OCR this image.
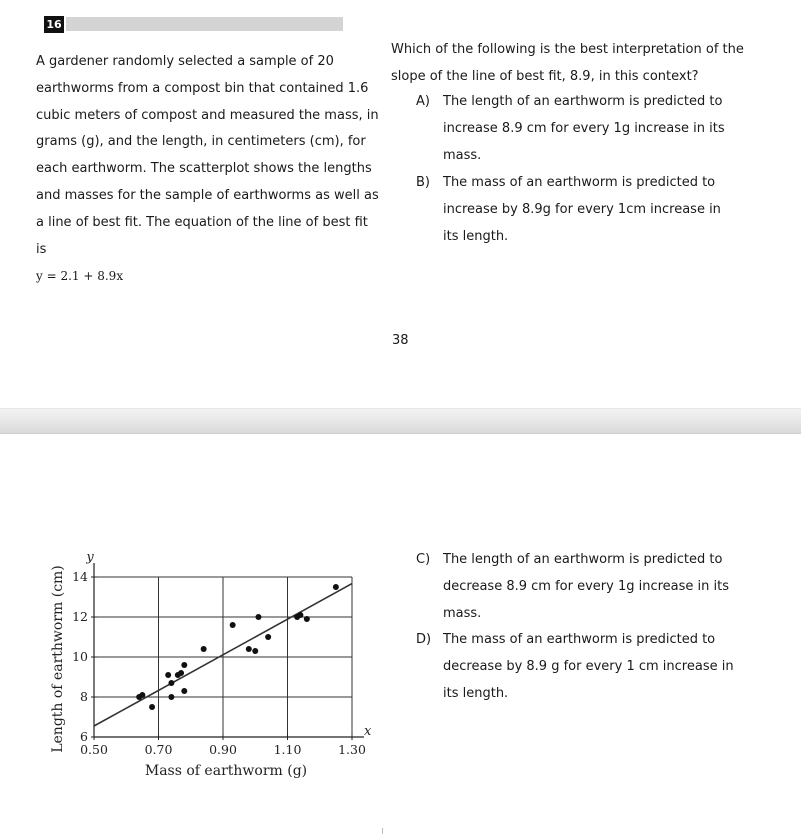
16

A gardener randomly selected a sample of 20 earthworms from a compost bin that contained 1.6 cubic meters of compost and measured the mass, in grams (g), and the length, in centimeters (cm), for each earthworm. The scatterplot shows the lengths and masses for the sample of earthworms as well as a line of best fit. The equation of the line of best fit is

y = 2.1 + 8.9x

Which of the following is the best interpretation of the slope of the line of best fit, 8.9, in this context?
A)	The length of an earthworm is predicted to increase 8.9 cm for every 1g increase in its mass.
B)	The mass of an earthworm is predicted to increase by 8.9g for every 1cm increase in its length.
38
0.50	0.70	0.90	1.10	1.30
6
8
10
12
14
x
y
Mass of earthworm (g)
Length of earthworm (cm)
C) The length of an earthworm is predicted to decrease 8.9 cm for every 1g increase in its mass.
D) The mass of an earthworm is predicted to decrease by 8.9 g for every 1 cm increase in its length.
